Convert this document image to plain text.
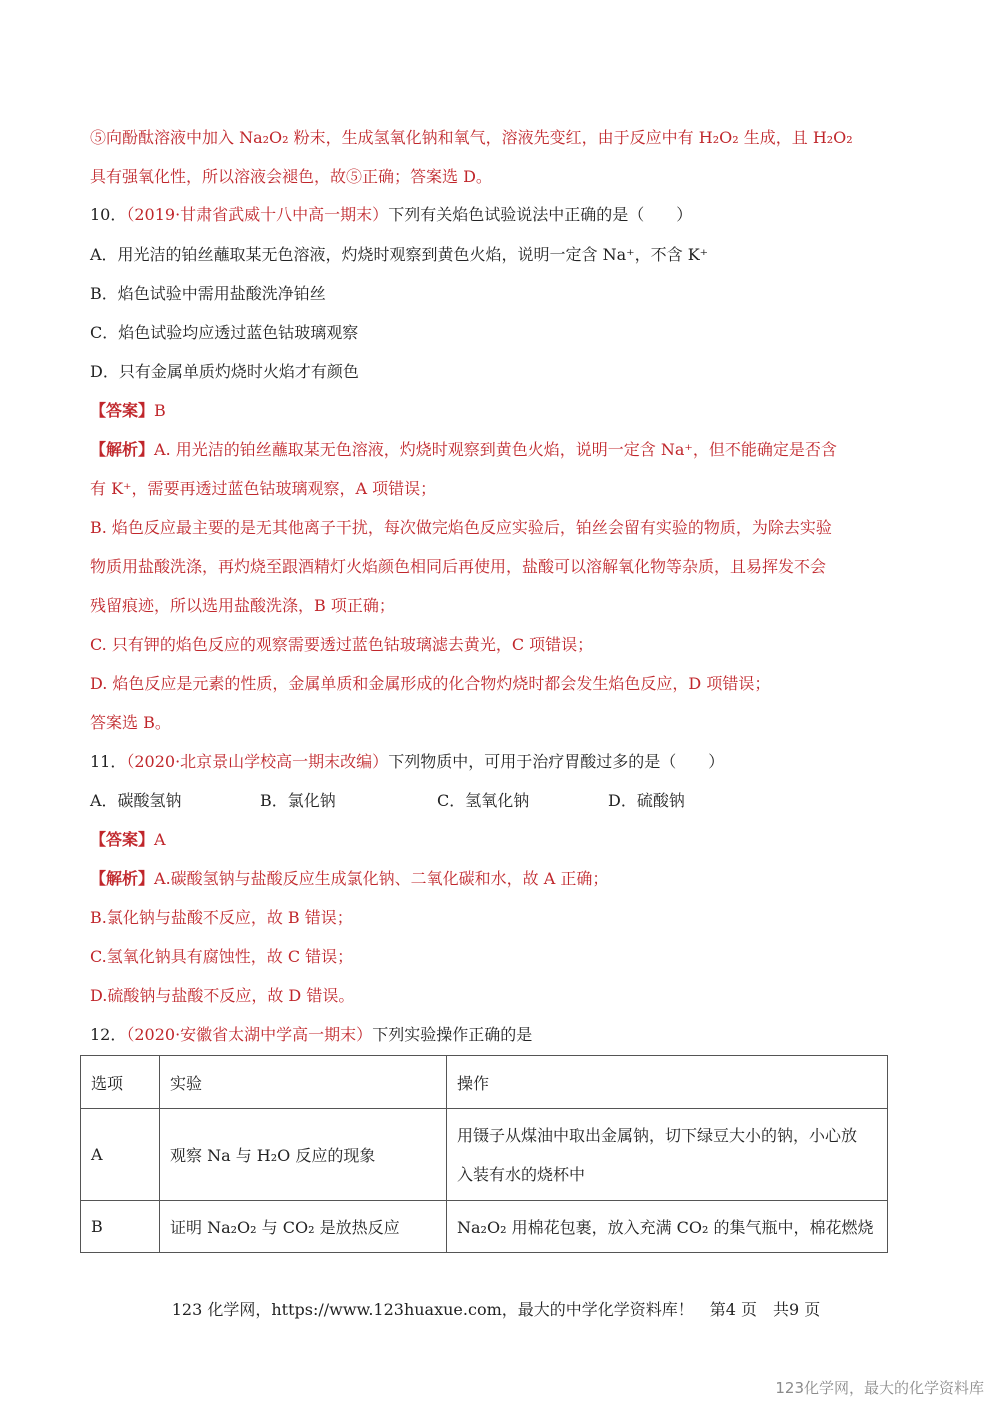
⑤向酚酞溶液中加入 Na₂O₂ 粉末，生成氢氧化钠和氧气，溶液先变红，由于反应中有 H₂O₂ 生成，且 H₂O₂
具有强氧化性，所以溶液会褪色，故⑤正确；答案选 D。
10．（2019·甘肃省武威十八中高一期末）下列有关焰色试验说法中正确的是（　　）
A．用光洁的铂丝蘸取某无色溶液，灼烧时观察到黄色火焰，说明一定含 Na⁺，不含 K⁺
B．焰色试验中需用盐酸洗净铂丝
C．焰色试验均应透过蓝色钴玻璃观察
D．只有金属单质灼烧时火焰才有颜色
【答案】B
【解析】A. 用光洁的铂丝蘸取某无色溶液，灼烧时观察到黄色火焰，说明一定含 Na⁺，但不能确定是否含
有 K⁺，需要再透过蓝色钴玻璃观察，A 项错误；
B. 焰色反应最主要的是无其他离子干扰，每次做完焰色反应实验后，铂丝会留有实验的物质，为除去实验
物质用盐酸洗涤，再灼烧至跟酒精灯火焰颜色相同后再使用，盐酸可以溶解氧化物等杂质，且易挥发不会
残留痕迹，所以选用盐酸洗涤，B 项正确；
C. 只有钾的焰色反应的观察需要透过蓝色钴玻璃滤去黄光，C 项错误；
D. 焰色反应是元素的性质，金属单质和金属形成的化合物灼烧时都会发生焰色反应，D 项错误；
答案选 B。
11．（2020·北京景山学校高一期末改编）下列物质中，可用于治疗胃酸过多的是（　　）
A．碳酸氢钠	B．氯化钠	C．氢氧化钠	D．硫酸钠
【答案】A
【解析】A.碳酸氢钠与盐酸反应生成氯化钠、二氧化碳和水，故 A 正确；
B.氯化钠与盐酸不反应，故 B 错误；
C.氢氧化钠具有腐蚀性，故 C 错误；
D.硫酸钠与盐酸不反应，故 D 错误。
12．（2020·安徽省太湖中学高一期末）下列实验操作正确的是
选项	实验	操作
A	观察 Na 与 H₂O 反应的现象	用镊子从煤油中取出金属钠，切下绿豆大小的钠，小心放
入装有水的烧杯中

B	证明 Na₂O₂ 与 CO₂ 是放热反应	Na₂O₂ 用棉花包裹，放入充满 CO₂ 的集气瓶中，棉花燃烧
123 化学网，https://www.123huaxue.com，最大的中学化学资料库！　第4 页　共9 页
123化学网，最大的化学资料库
